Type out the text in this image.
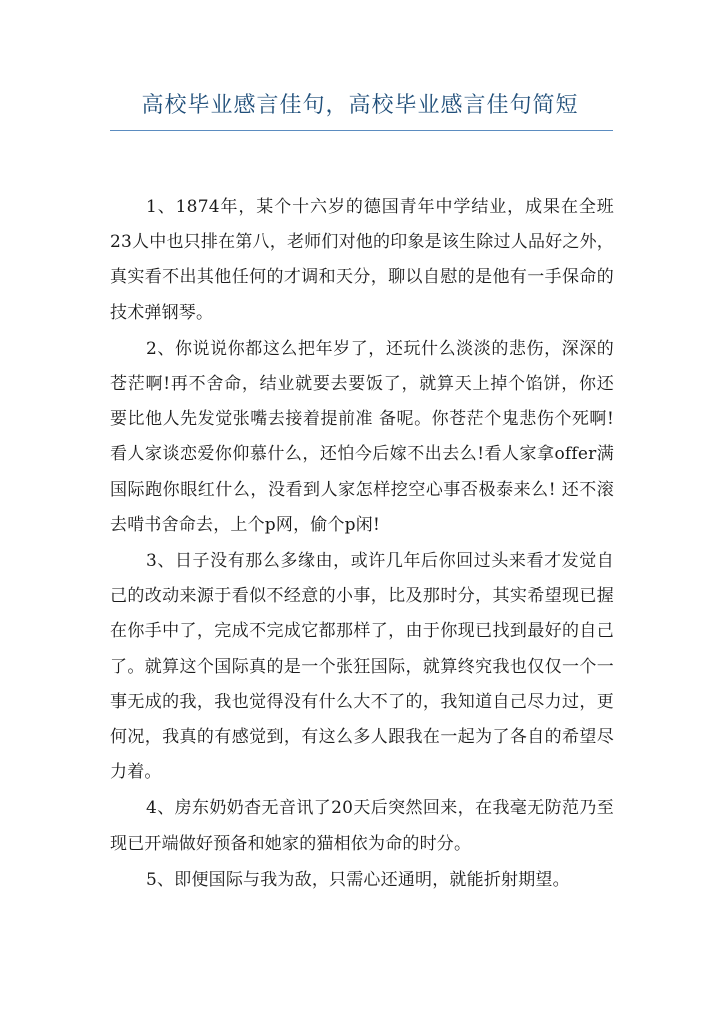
高校毕业感言佳句，高校毕业感言佳句简短

1、1874年，某个十六岁的德国青年中学结业，成果在全班23人中也只排在第八，老师们对他的印象是该生除过人品好之外，真实看不出其他任何的才调和天分，聊以自慰的是他有一手保命的技术弹钢琴。

2、你说说你都这么把年岁了，还玩什么淡淡的悲伤，深深的苍茫啊!再不舍命，结业就要去要饭了，就算天上掉个馅饼，你还要比他人先发觉张嘴去接着提前准 备呢。你苍茫个鬼悲伤个死啊!看人家谈恋爱你仰慕什么，还怕今后嫁不出去么!看人家拿offer满国际跑你眼红什么，没看到人家怎样挖空心事否极泰来么! 还不滚去啃书舍命去，上个p网，偷个p闲!

3、日子没有那么多缘由，或许几年后你回过头来看才发觉自己的改动来源于看似不经意的小事，比及那时分，其实希望现已握在你手中了，完成不完成它都那样了，由于你现已找到最好的自己了。就算这个国际真的是一个张狂国际，就算终究我也仅仅一个一事无成的我，我也觉得没有什么大不了的，我知道自己尽力过，更何况，我真的有感觉到，有这么多人跟我在一起为了各自的希望尽力着。

4、房东奶奶杳无音讯了20天后突然回来，在我毫无防范乃至现已开端做好预备和她家的猫相依为命的时分。

5、即便国际与我为敌，只需心还通明，就能折射期望。
